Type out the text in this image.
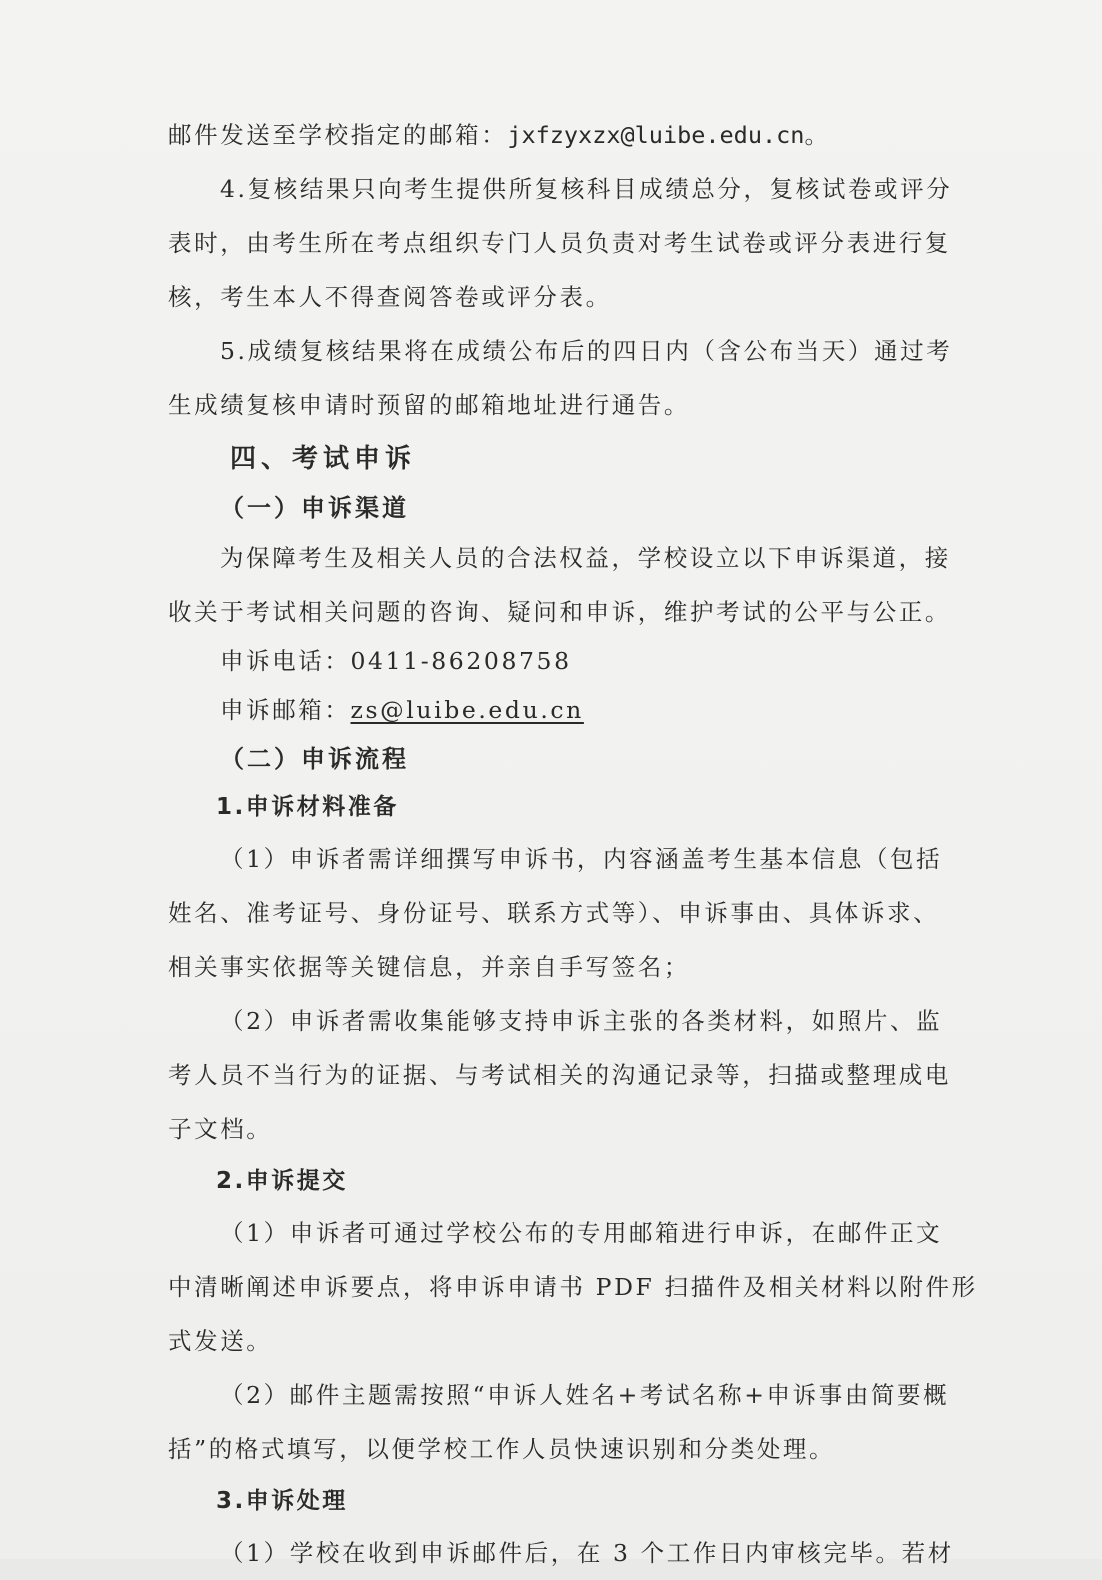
邮件发送至学校指定的邮箱：jxfzyxzx@luibe.edu.cn。

4.复核结果只向考生提供所复核科目成绩总分，复核试卷或评分

表时，由考生所在考点组织专门人员负责对考生试卷或评分表进行复

核，考生本人不得查阅答卷或评分表。

5.成绩复核结果将在成绩公布后的四日内（含公布当天）通过考

生成绩复核申请时预留的邮箱地址进行通告。

四、考试申诉
（一）申诉渠道

为保障考生及相关人员的合法权益，学校设立以下申诉渠道，接

收关于考试相关问题的咨询、疑问和申诉，维护考试的公平与公正。

申诉电话：0411-86208758

申诉邮箱：zs@luibe.edu.cn

（二）申诉流程
1.申诉材料准备

（1）申诉者需详细撰写申诉书，内容涵盖考生基本信息（包括

姓名、准考证号、身份证号、联系方式等）、申诉事由、具体诉求、

相关事实依据等关键信息，并亲自手写签名；

（2）申诉者需收集能够支持申诉主张的各类材料，如照片、监

考人员不当行为的证据、与考试相关的沟通记录等，扫描或整理成电

子文档。

2.申诉提交

（1）申诉者可通过学校公布的专用邮箱进行申诉，在邮件正文

中清晰阐述申诉要点，将申诉申请书 PDF 扫描件及相关材料以附件形

式发送。

（2）邮件主题需按照“申诉人姓名+考试名称+申诉事由简要概

括”的格式填写，以便学校工作人员快速识别和分类处理。

3.申诉处理

（1）学校在收到申诉邮件后，在 3 个工作日内审核完毕。若材
